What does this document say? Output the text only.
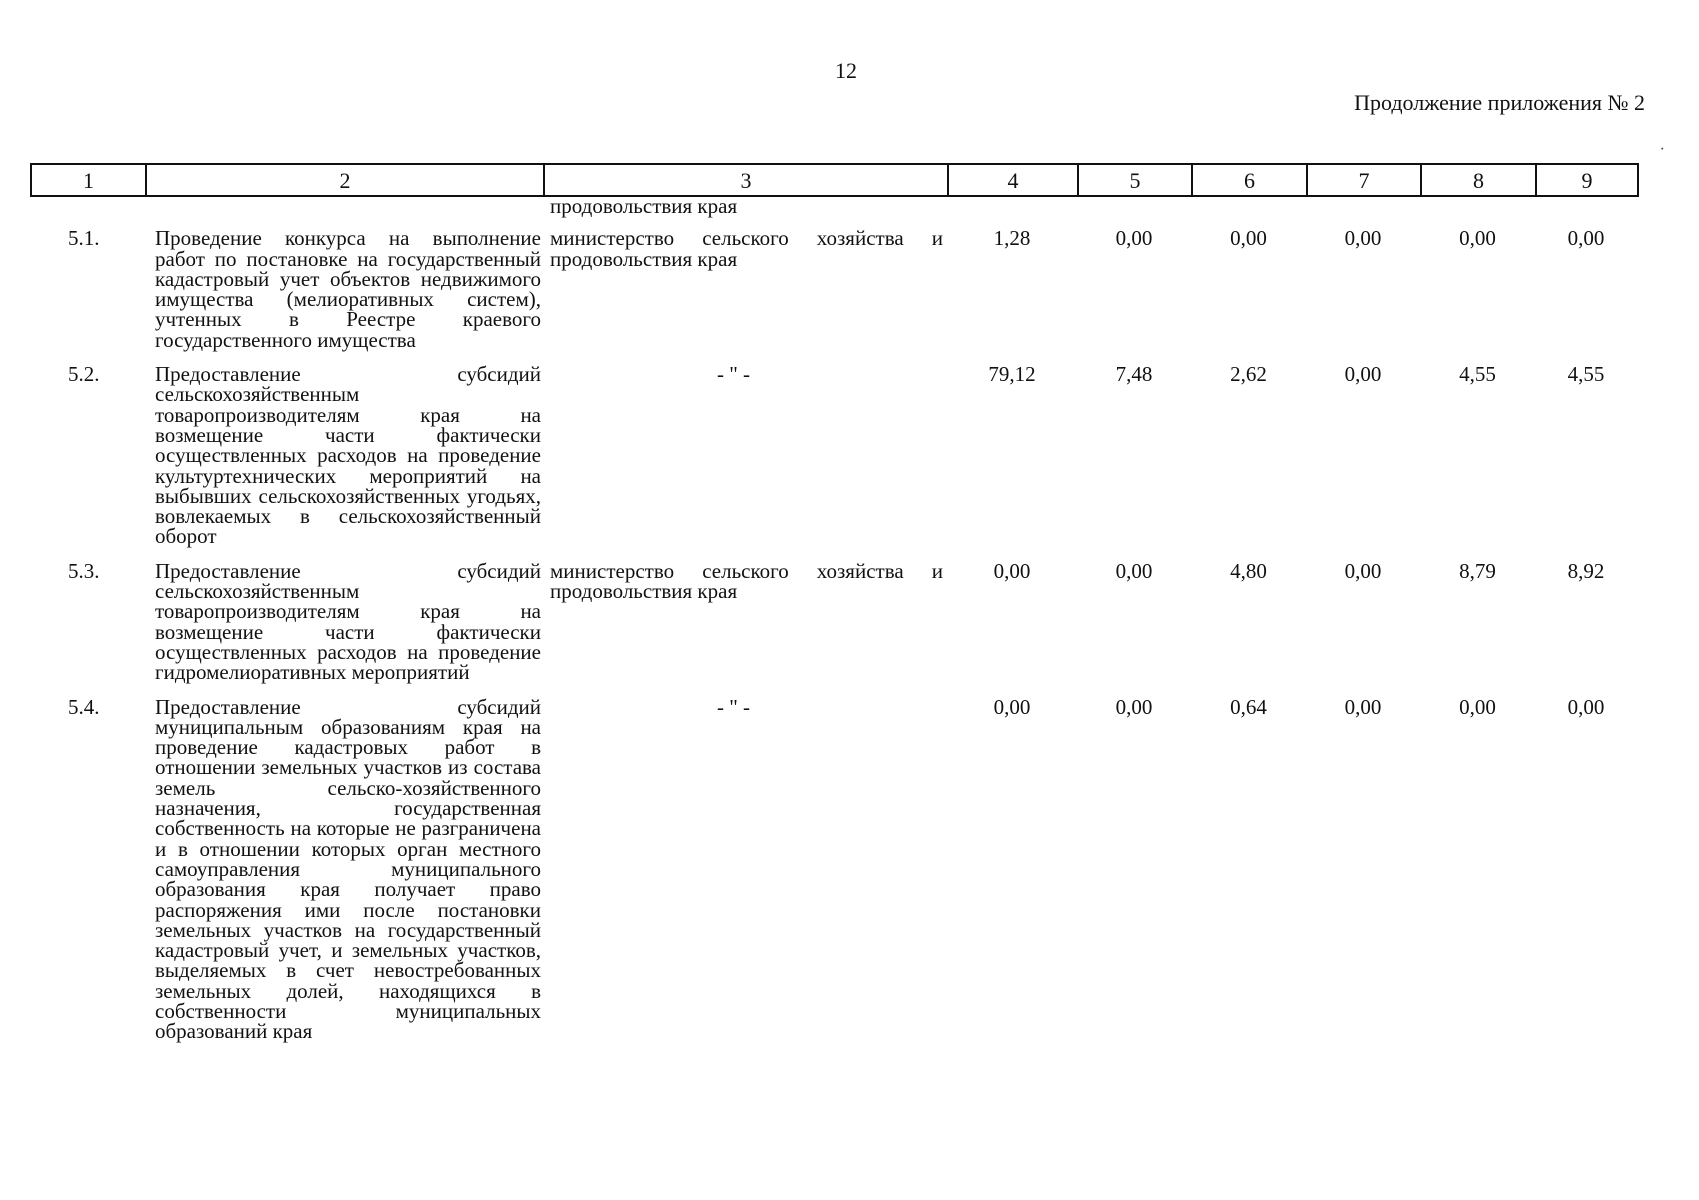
12
Продолжение приложения № 2
·
1	2	3	4	5	6	7	8	9
		продовольствия края						
5.1.	Проведение конкурса на выполнение работ по постановке на государственный кадастровый учет объектов недвижимого имущества (мелиоративных систем), учтенных в Реестре краевого государственного имущества	министерство сельского хозяйства и продовольствия края	1,28	0,00	0,00	0,00	0,00	0,00
5.2.	Предоставление субсидий сельскохозяйственным товаропроизводителям края на возмещение части фактически осуществленных расходов на проведение культуртехнических мероприятий на выбывших сельскохозяйственных угодьях, вовлекаемых в сельскохозяйственный оборот	- " -	79,12	7,48	2,62	0,00	4,55	4,55
5.3.	Предоставление субсидий сельскохозяйственным товаропроизводителям края на возмещение части фактически осуществленных расходов на проведение гидромелиоративных мероприятий	министерство сельского хозяйства и продовольствия края	0,00	0,00	4,80	0,00	8,79	8,92
5.4.	Предоставление субсидий муниципальным образованиям края на проведение кадастровых работ в отношении земельных участков из состава земель сельско-хозяйственного назначения, государственная собственность на которые не разграничена и в отношении которых орган местного самоуправления муниципального образования края получает право распоряжения ими после постановки земельных участков на государственный кадастровый учет, и земельных участков, выделяемых в счет невостребованных земельных долей, находящихся в собственности муниципальных образований края	- " -	0,00	0,00	0,64	0,00	0,00	0,00
